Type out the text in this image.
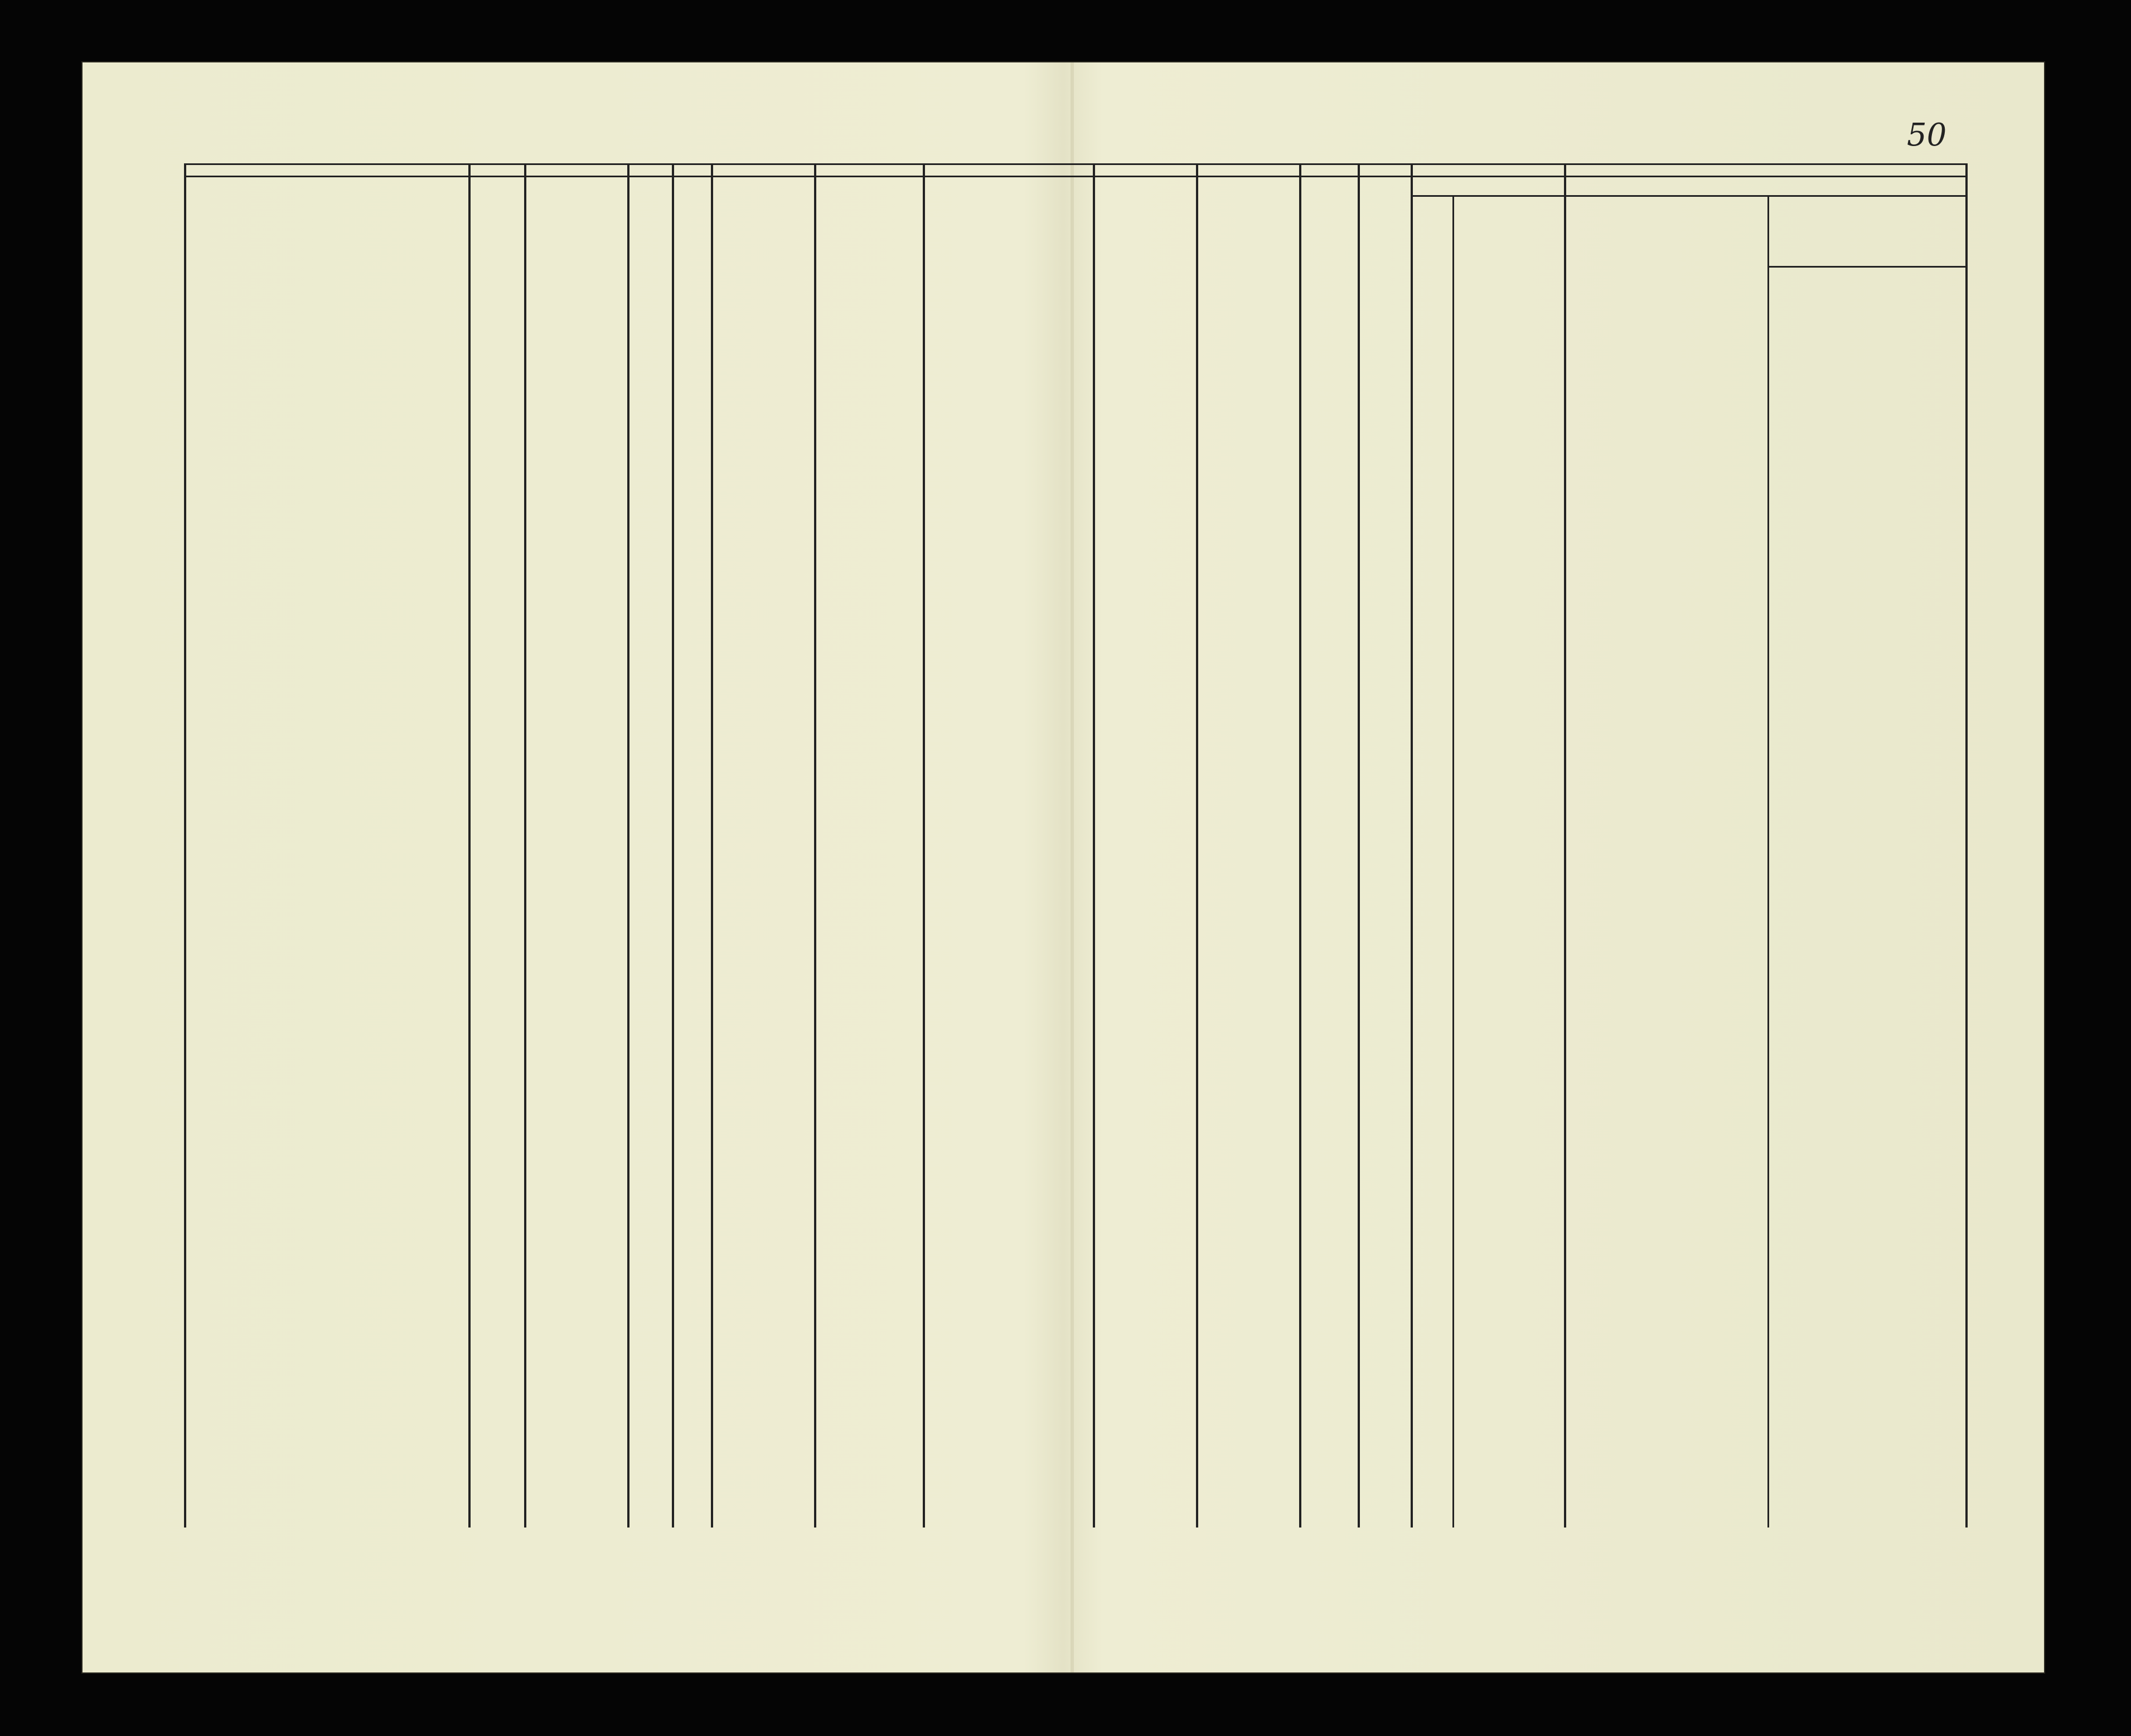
50
